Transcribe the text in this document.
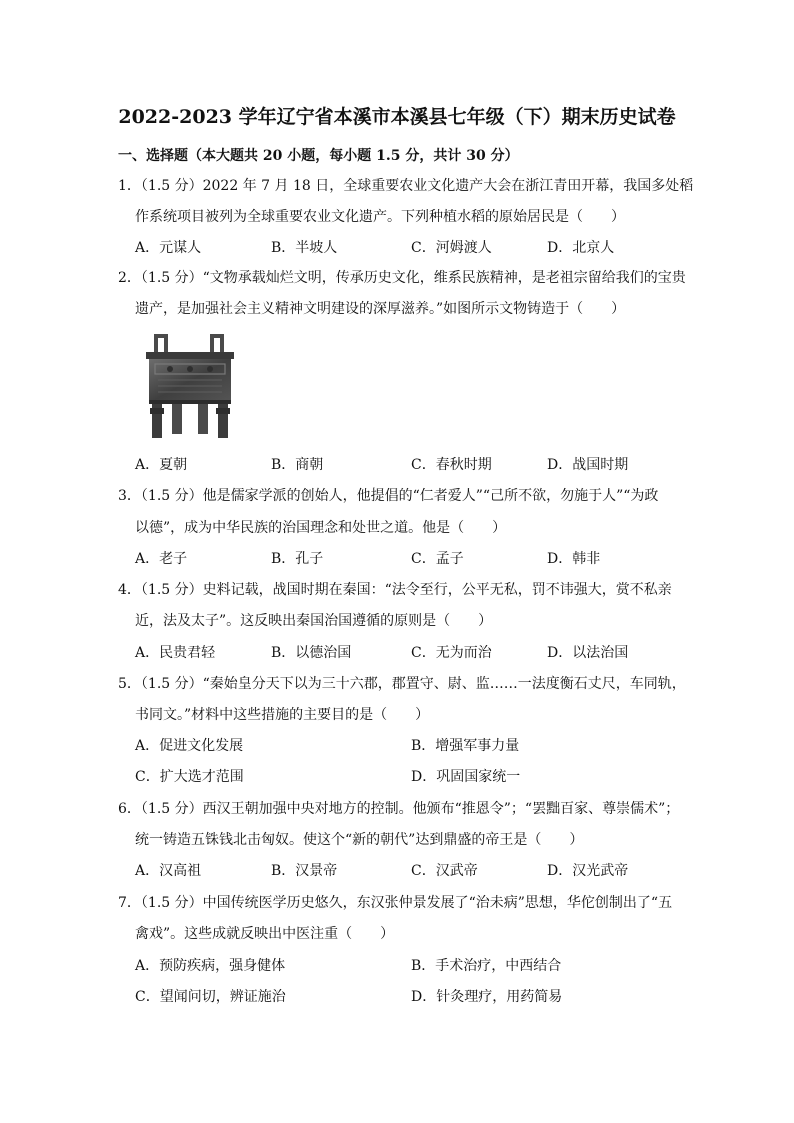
2022-2023 学年辽宁省本溪市本溪县七年级（下）期末历史试卷
一、选择题（本大题共 20 小题，每小题 1.5 分，共计 30 分）
1．（1.5 分）2022 年 7 月 18 日，全球重要农业文化遗产大会在浙江青田开幕，我国多处稻
作系统项目被列为全球重要农业文化遗产。下列种植水稻的原始居民是（　　）
A．元谋人	B．半坡人	C．河姆渡人	D．北京人
2．（1.5 分）“文物承载灿烂文明，传承历史文化，维系民族精神，是老祖宗留给我们的宝贵
遗产，是加强社会主义精神文明建设的深厚滋养。”如图所示文物铸造于（　　）
A．夏朝	B．商朝	C．春秋时期	D．战国时期
3．（1.5 分）他是儒家学派的创始人，他提倡的“仁者爱人”“己所不欲，勿施于人”“为政
以德”，成为中华民族的治国理念和处世之道。他是（　　）
A．老子	B．孔子	C．孟子	D．韩非
4．（1.5 分）史料记载，战国时期在秦国：“法令至行，公平无私，罚不讳强大，赏不私亲
近，法及太子”。这反映出秦国治国遵循的原则是（　　）
A．民贵君轻	B．以德治国	C．无为而治	D．以法治国
5．（1.5 分）“秦始皇分天下以为三十六郡，郡置守、尉、监……一法度衡石丈尺，车同轨，
书同文。”材料中这些措施的主要目的是（　　）
A．促进文化发展	B．增强军事力量
C．扩大选才范围	D．巩固国家统一
6．（1.5 分）西汉王朝加强中央对地方的控制。他颁布“推恩令”；“罢黜百家、尊崇儒术”；
统一铸造五铢钱北击匈奴。使这个“新的朝代”达到鼎盛的帝王是（　　）
A．汉高祖	B．汉景帝	C．汉武帝	D．汉光武帝
7．（1.5 分）中国传统医学历史悠久，东汉张仲景发展了“治未病”思想，华佗创制出了“五
禽戏”。这些成就反映出中医注重（　　）
A．预防疾病，强身健体	B．手术治疗，中西结合
C．望闻问切，辨证施治	D．针灸理疗，用药简易
